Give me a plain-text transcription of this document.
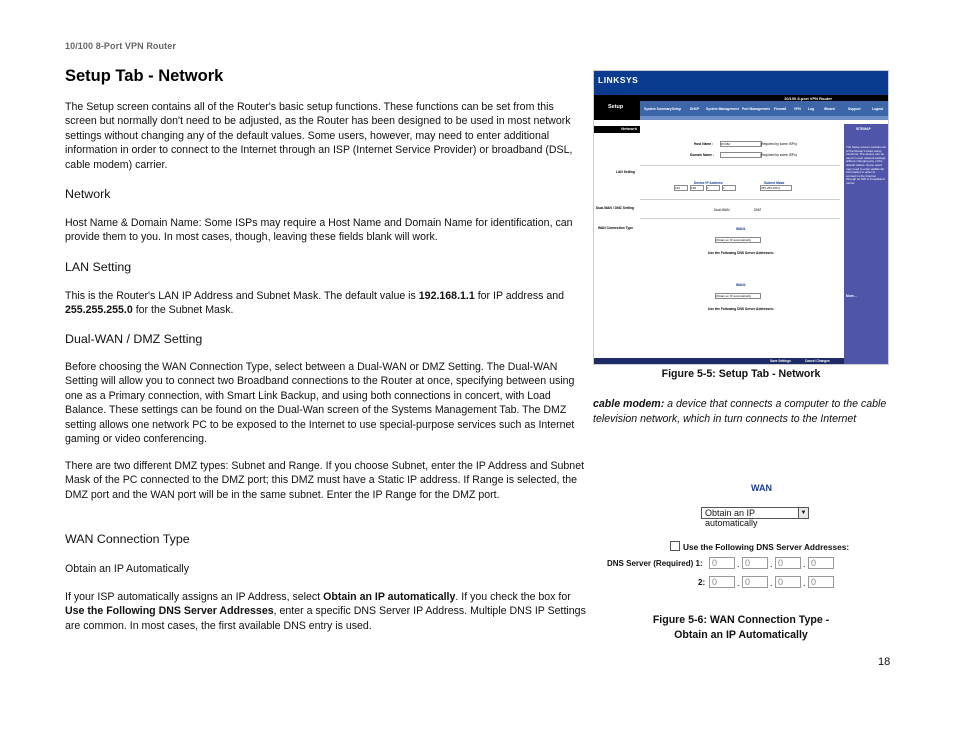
10/100 8-Port VPN Router
Setup Tab - Network
The Setup screen contains all of the Router's basic setup functions. These functions can be set from this screen but normally don't need to be adjusted, as the Router has been designed to be used in most network settings without changing any of the default values. Some users, however, may need to enter additional information in order to connect to the Internet through an ISP (Internet Service Provider) or broadband (DSL, cable modem) carrier.
Network
Host Name & Domain Name: Some ISPs may require a Host Name and Domain Name for identification, can provide them to you. In most cases, though, leaving these fields blank will work.
LAN Setting
This is the Router's LAN IP Address and Subnet Mask. The default value is 192.168.1.1 for IP address and 255.255.255.0 for the Subnet Mask.
Dual-WAN / DMZ Setting
Before choosing the WAN Connection Type, select between a Dual-WAN or DMZ Setting. The Dual-WAN Setting will allow you to connect two Broadband connections to the Router at once, specifying between using one as a Primary connection, with Smart Link Backup, and using both connections in concert, with Load Balance. These settings can be found on the Dual-Wan screen of the Systems Management Tab. The DMZ setting allows one network PC to be exposed to the Internet to use special-purpose services such as Internet gaming or video conferencing.
There are two different DMZ types: Subnet and Range. If you choose Subnet, enter the IP Address and Subnet Mask of the PC connected to the DMZ port; this DMZ must have a Static IP address. If Range is selected, the DMZ port and the WAN port will be in the same subnet. Enter the IP Range for the DMZ port.
WAN Connection Type
Obtain an IP Automatically
If your ISP automatically assigns an IP Address, select Obtain an IP automatically. If you check the box for Use the Following DNS Server Addresses, enter a specific DNS Server IP Address. Multiple DNS IP Settings are common. In most cases, the first available DNS entry is used.
LINKSYS
10/100 8-port VPN Router
Setup	System Summary Setup	DHCP System Management Port Management Firewall VPN Log	Wizard	Support	Logout
Network
Host Name :	RV082	(Required by some ISPs)
Domain Name :	(Required by some ISPs)
LAN Setting
Device IP Address	Subnet Mask
192	168	1	1	255.255.255.0
Dual-WAN / DMZ Setting	Dual-WAN	DMZ
WAN Connection Type	WAN1
Obtain an IP automatically
Use the Following DNS Server Addresses:
WAN2
Obtain an IP automatically
Use the Following DNS Server Addresses:
SITEMAP
The Setup screen contains all of the Router's basic setup functions. The device can be used in most network settings without changing any of the default values. Some users may need to enter additional information in order to connect to the Internet through an ISP or broadband carrier.
More...
Save Settings	Cancel Changes
Figure 5-5: Setup Tab - Network
cable modem: a device that connects a computer to the cable television network, which in turn connects to the Internet
WAN
Obtain an IP automatically
▼
Use the Following DNS Server Addresses:
DNS Server (Required) 1:	0	. 0	. 0	. 0
2: 0	. 0	. 0	. 0
Figure 5-6: WAN Connection Type -
Obtain an IP Automatically
18
